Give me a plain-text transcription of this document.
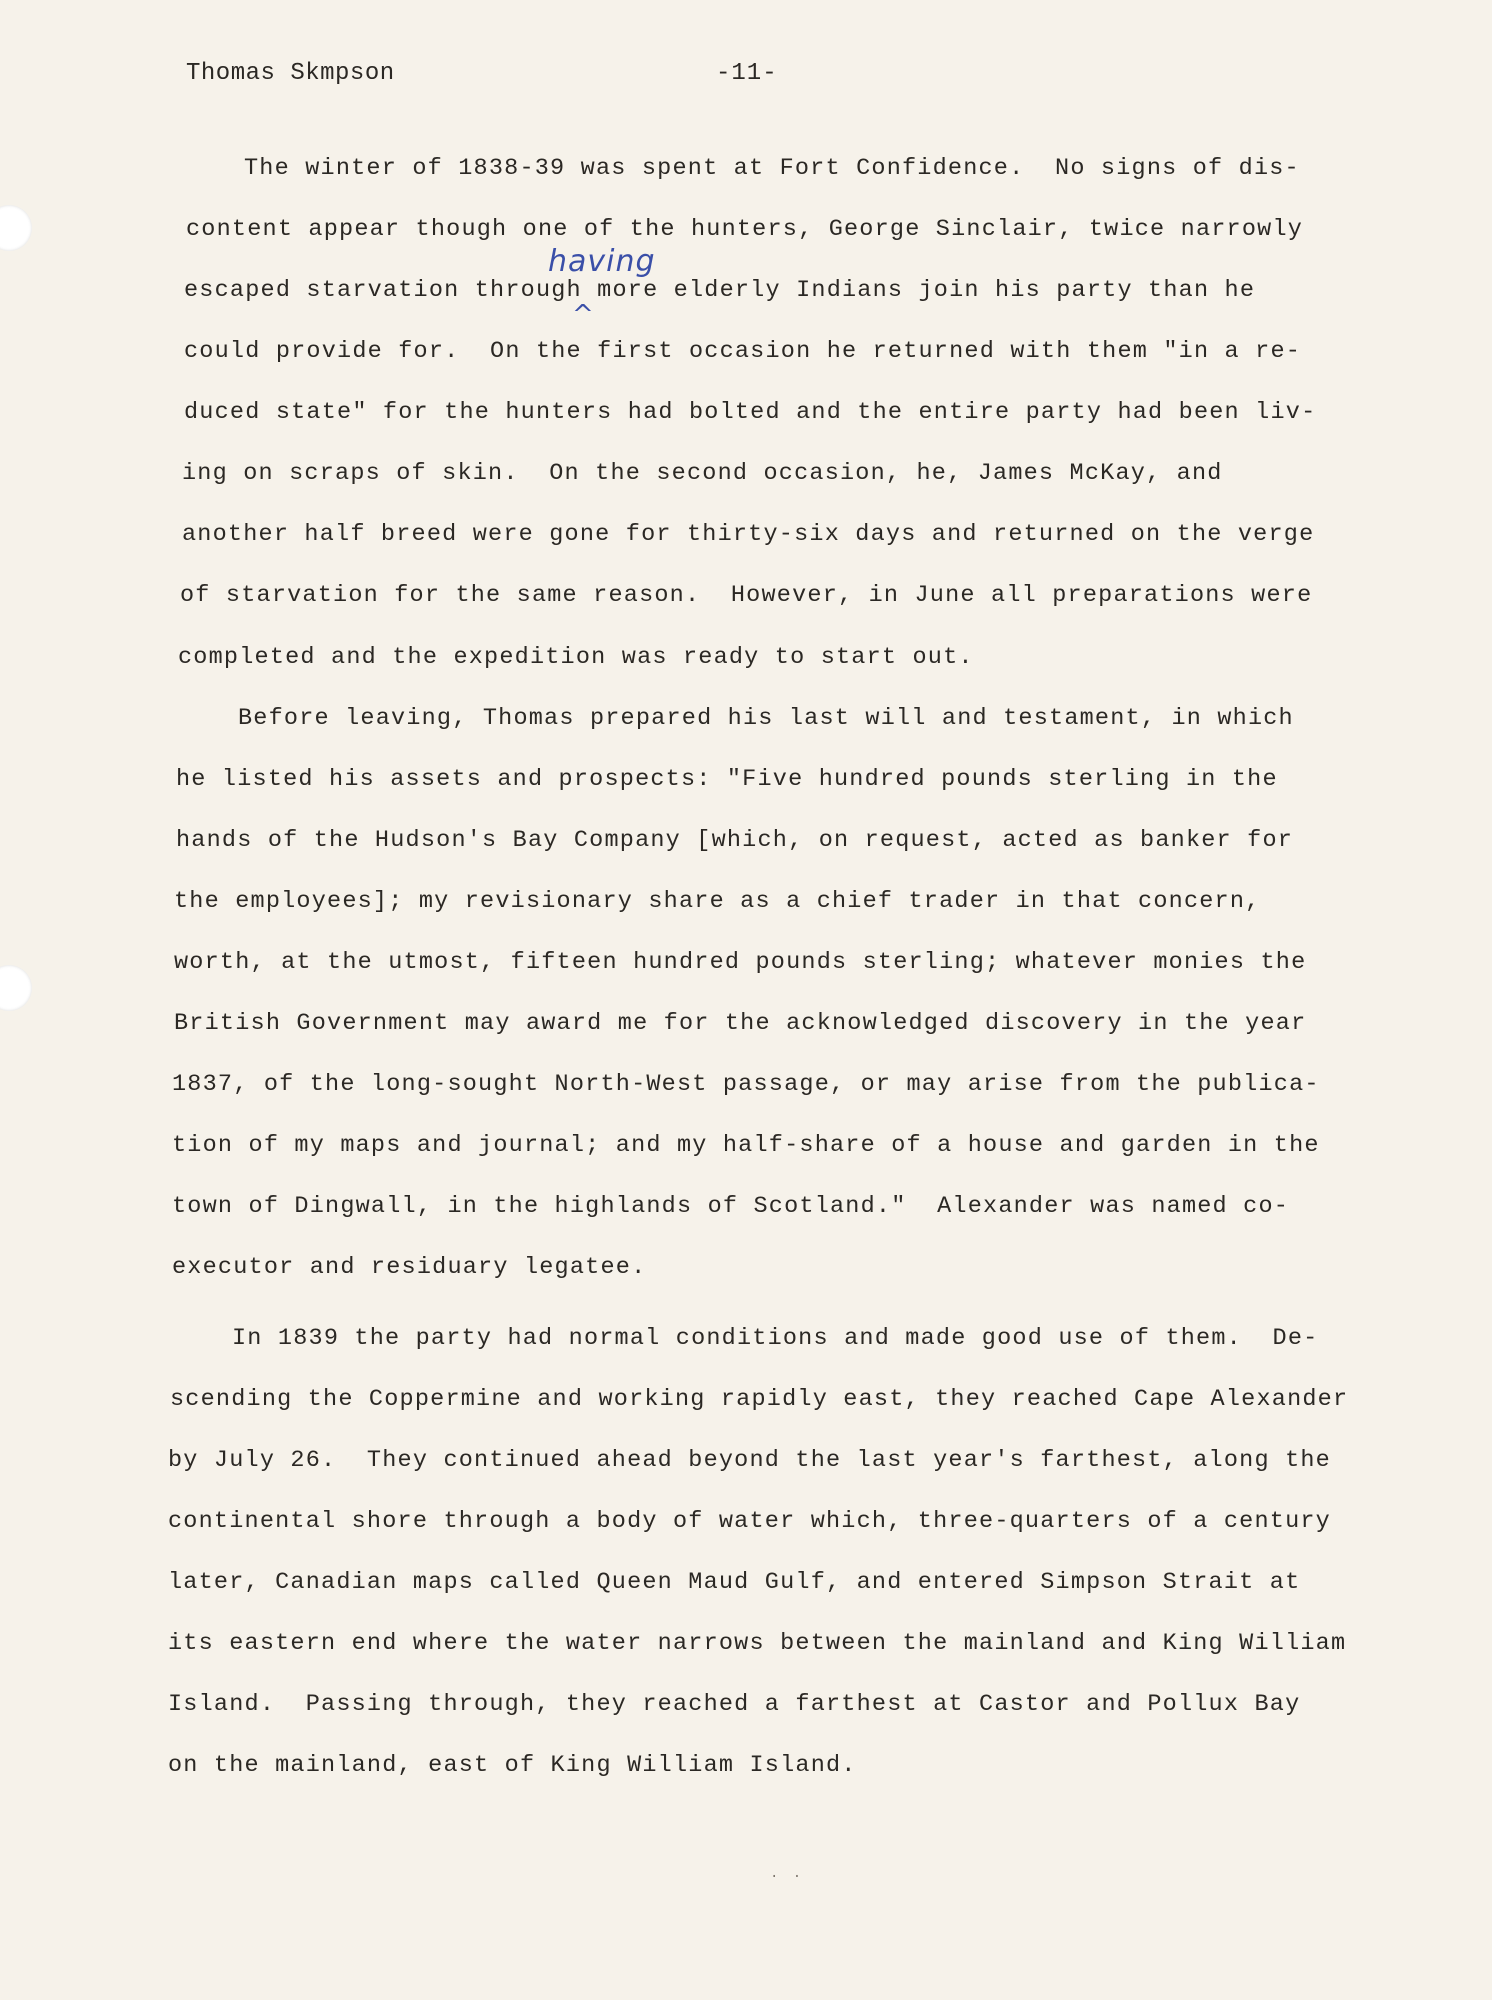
Thomas Skmpson	-11-
having
^
The winter of 1838-39 was spent at Fort Confidence.  No signs of dis-
content appear though one of the hunters, George Sinclair, twice narrowly
escaped starvation through more elderly Indians join his party than he
could provide for.  On the first occasion he returned with them "in a re-
duced state" for the hunters had bolted and the entire party had been liv-
ing on scraps of skin.  On the second occasion, he, James McKay, and
another half breed were gone for thirty-six days and returned on the verge
of starvation for the same reason.  However, in June all preparations were
completed and the expedition was ready to start out.
Before leaving, Thomas prepared his last will and testament, in which
he listed his assets and prospects: "Five hundred pounds sterling in the
hands of the Hudson's Bay Company [which, on request, acted as banker for
the employees]; my revisionary share as a chief trader in that concern,
worth, at the utmost, fifteen hundred pounds sterling; whatever monies the
British Government may award me for the acknowledged discovery in the year
1837, of the long-sought North-West passage, or may arise from the publica-
tion of my maps and journal; and my half-share of a house and garden in the
town of Dingwall, in the highlands of Scotland."  Alexander was named co-
executor and residuary legatee.
In 1839 the party had normal conditions and made good use of them.  De-
scending the Coppermine and working rapidly east, they reached Cape Alexander
by July 26.  They continued ahead beyond the last year's farthest, along the
continental shore through a body of water which, three-quarters of a century
later, Canadian maps called Queen Maud Gulf, and entered Simpson Strait at
its eastern end where the water narrows between the mainland and King William
Island.  Passing through, they reached a farthest at Castor and Pollux Bay
on the mainland, east of King William Island.
. .
